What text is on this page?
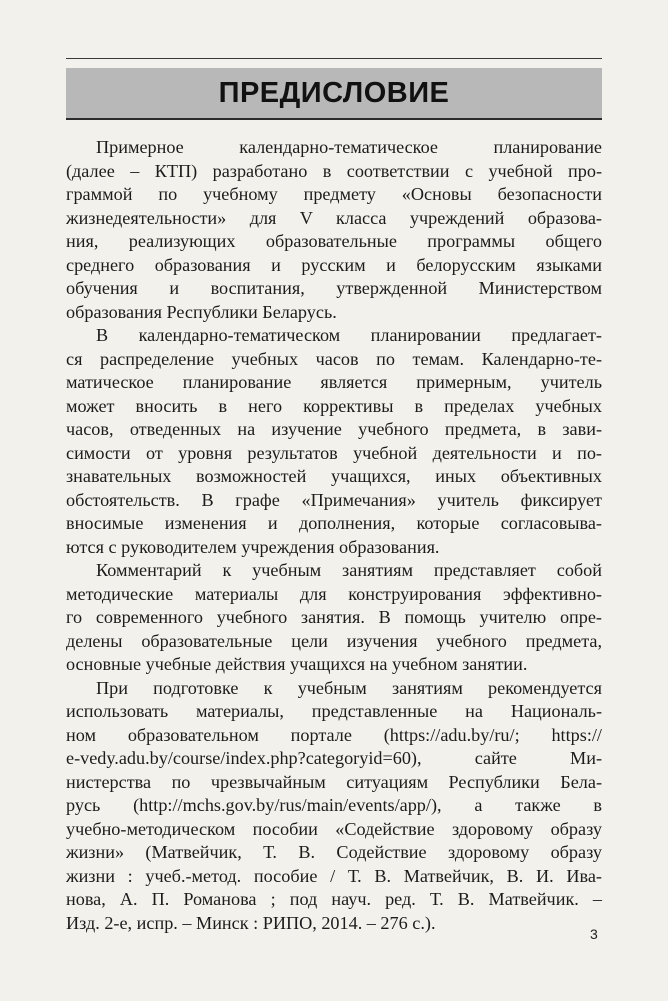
ПРЕДИСЛОВИЕ
Примерное календарно-тематическое планирование
(далее – КТП) разработано в соответствии с учебной про-
граммой по учебному предмету «Основы безопасности
жизнедеятельности» для V класса учреждений образова-
ния, реализующих образовательные программы общего
среднего образования и русским и белорусским языками
обучения и воспитания, утвержденной Министерством
образования Республики Беларусь.
В календарно-тематическом планировании предлагает-
ся распределение учебных часов по темам. Календарно-те-
матическое планирование является примерным, учитель
может вносить в него коррективы в пределах учебных
часов, отведенных на изучение учебного предмета, в зави-
симости от уровня результатов учебной деятельности и по-
знавательных возможностей учащихся, иных объективных
обстоятельств. В графе «Примечания» учитель фиксирует
вносимые изменения и дополнения, которые согласовыва-
ются с руководителем учреждения образования.
Комментарий к учебным занятиям представляет собой
методические материалы для конструирования эффективно-
го современного учебного занятия. В помощь учителю опре-
делены образовательные цели изучения учебного предмета,
основные учебные действия учащихся на учебном занятии.
При подготовке к учебным занятиям рекомендуется
использовать материалы, представленные на Националь-
ном образовательном портале (https://adu.by/ru/; https://
e-vedy.adu.by/course/index.php?categoryid=60), сайте Ми-
нистерства по чрезвычайным ситуациям Республики Бела-
русь (http://mchs.gov.by/rus/main/events/app/), а также в
учебно-методическом пособии «Содействие здоровому образу
жизни» (Матвейчик, Т. В. Содействие здоровому образу
жизни : учеб.-метод. пособие / Т. В. Матвейчик, В. И. Ива-
нова, А. П. Романова ; под науч. ред. Т. В. Матвейчик. –
Изд. 2-е, испр. – Минск : РИПО, 2014. – 276 с.).
3
